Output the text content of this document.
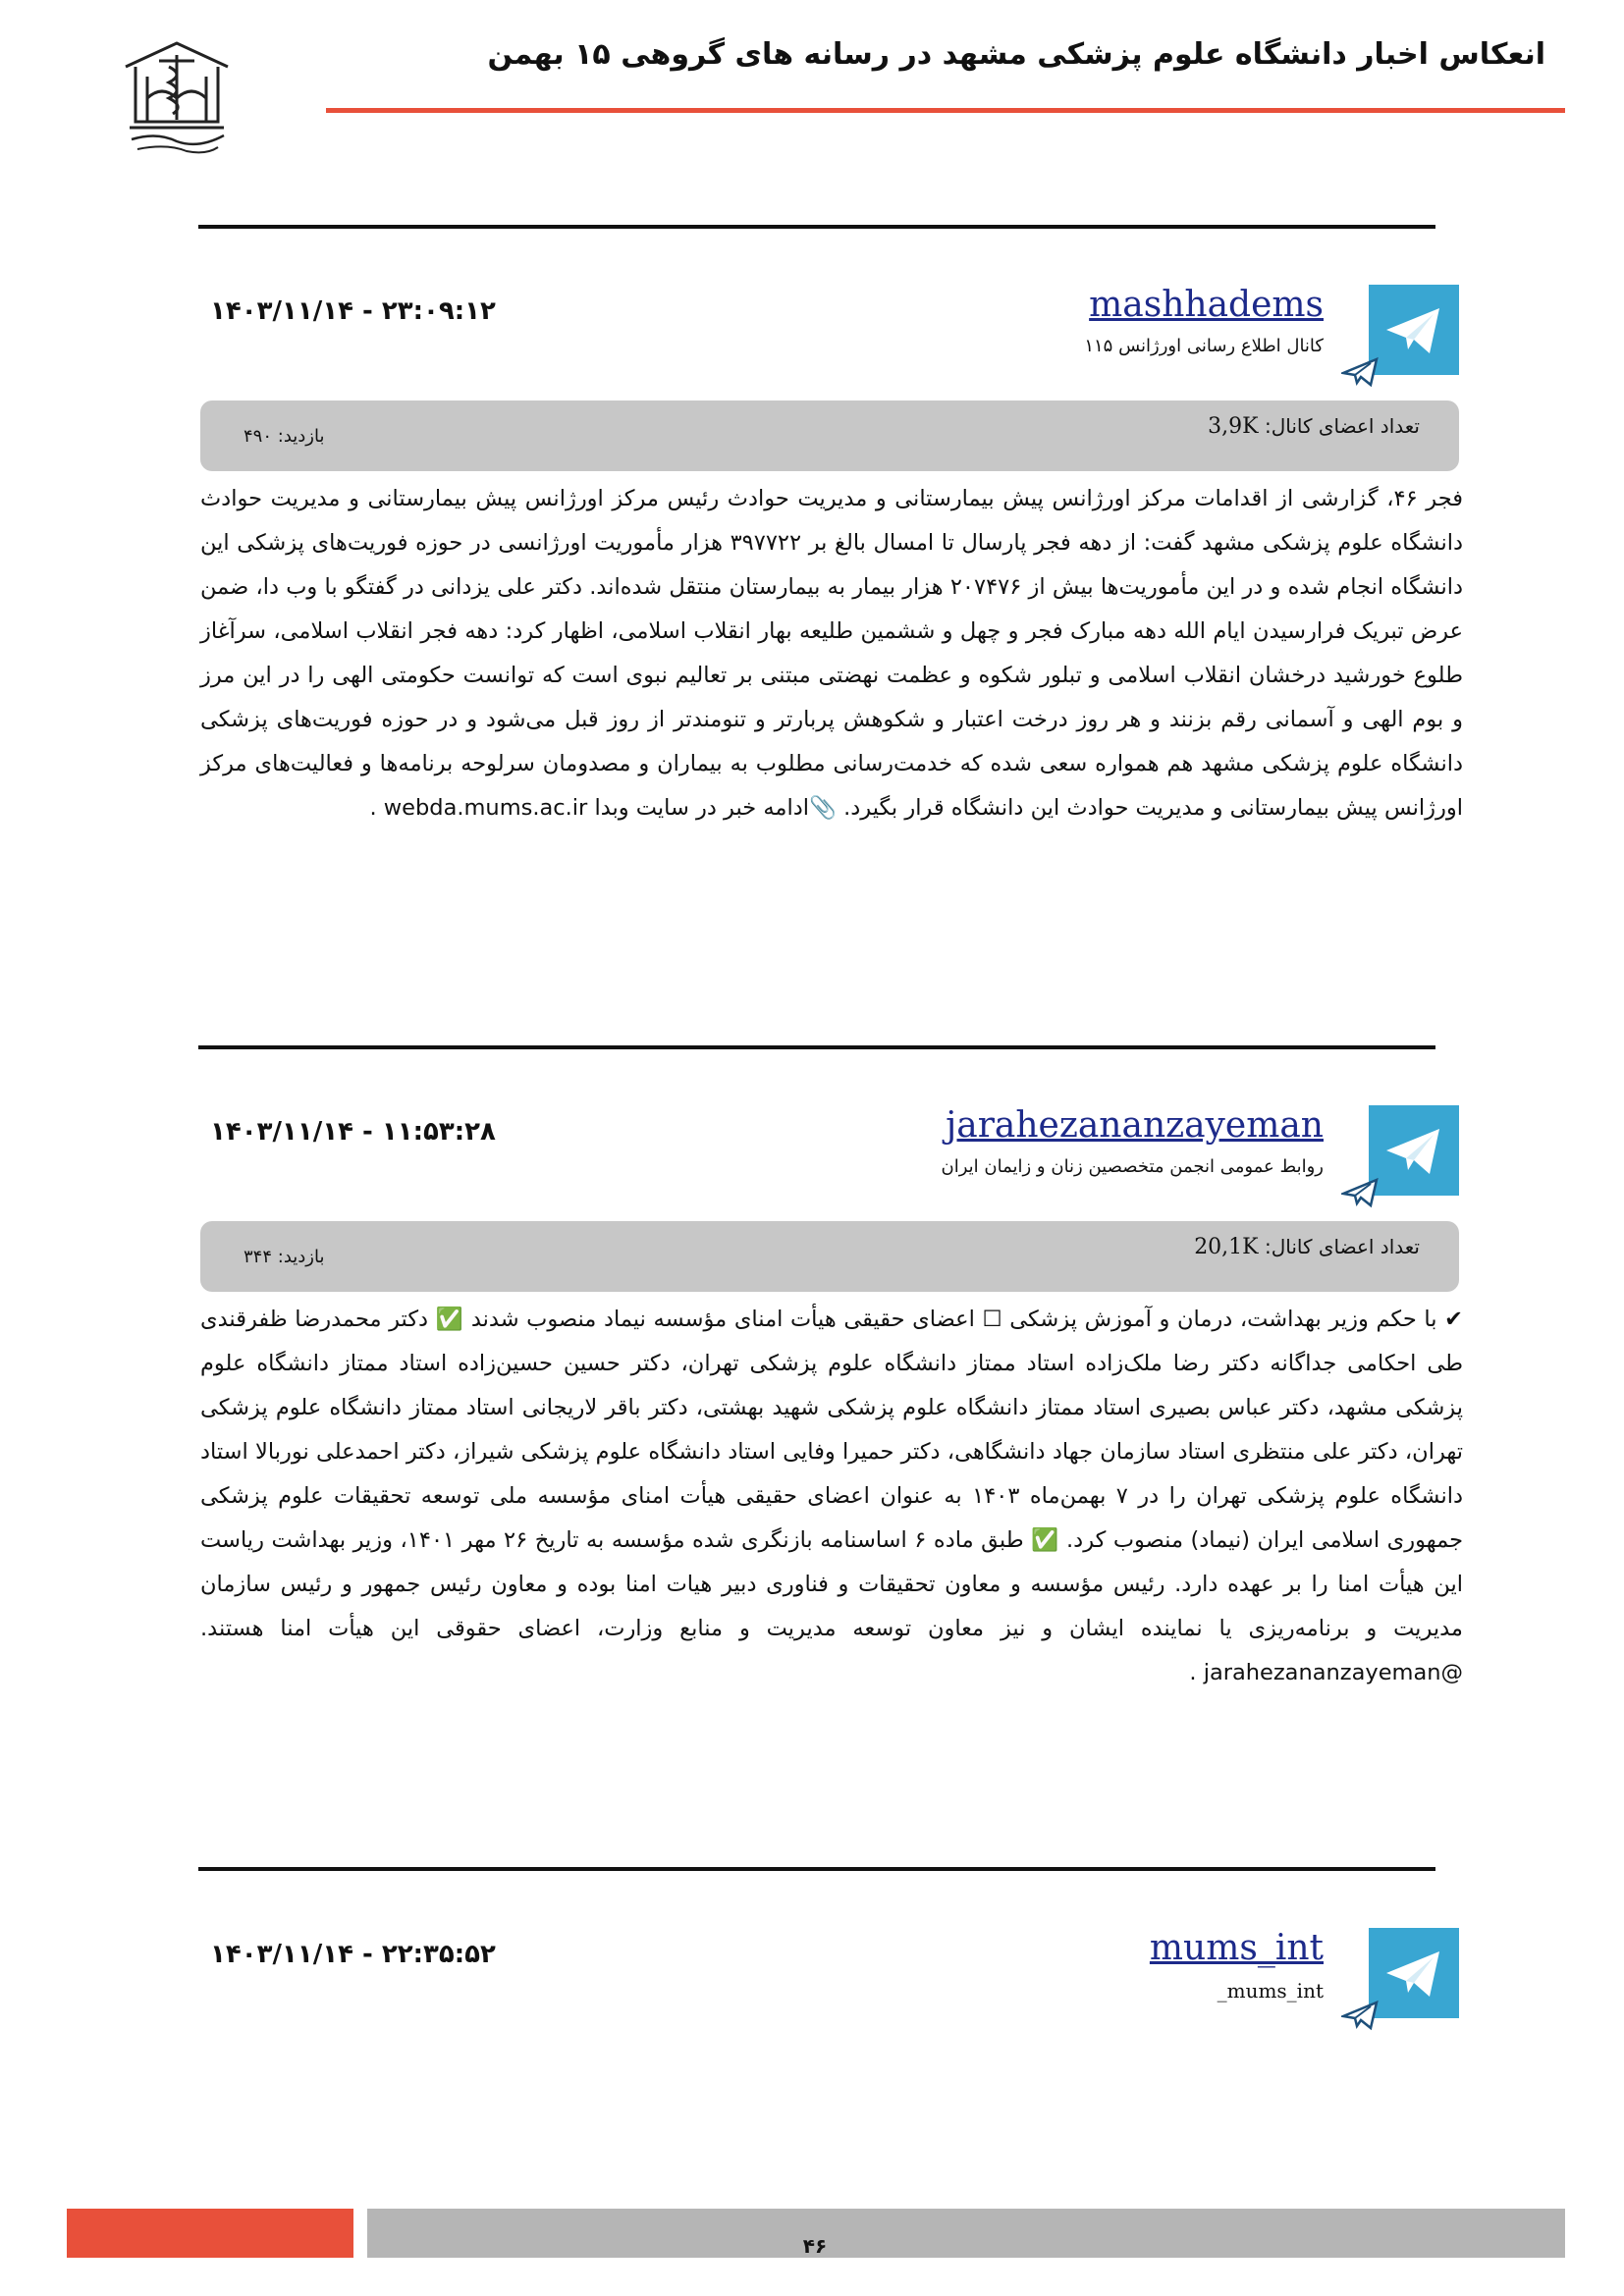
انعکاس اخبار دانشگاه علوم پزشکی مشهد در رسانه های گروهی ۱۵ بهمن
mashhadems
کانال اطلاع رسانی اورژانس ۱۱۵
۱۴۰۳/۱۱/۱۴ - ۲۳:۰۹:۱۲
تعداد اعضای کانال: 3,9K
بازدید: ۴۹۰
فجر ۴۶، گزارشی از اقدامات مرکز اورژانس پیش بیمارستانی و مدیریت حوادث رئیس مرکز اورژانس پیش بیمارستانی و مدیریت حوادث دانشگاه علوم پزشکی مشهد گفت: از دهه فجر پارسال تا امسال بالغ بر ۳۹۷۷۲۲ هزار مأموریت اورژانسی در حوزه فوریت‌های پزشکی این دانشگاه انجام شده و در این مأموریت‌ها بیش از ۲۰۷۴۷۶ هزار بیمار به بیمارستان منتقل شده‌اند. دکتر علی یزدانی در گفتگو با وب دا، ضمن عرض تبریک فرارسیدن ایام الله دهه مبارک فجر و چهل و ششمین طلیعه بهار انقلاب اسلامی، اظهار کرد: دهه فجر انقلاب اسلامی، سرآغاز طلوع خورشید درخشان انقلاب اسلامی و تبلور شکوه و عظمت نهضتی مبتنی بر تعالیم نبوی است که توانست حکومتی الهی را در این مرز و بوم الهی و آسمانی رقم بزنند و هر روز درخت اعتبار و شکوهش پربارتر و تنومندتر از روز قبل می‌شود و در حوزه فوریت‌های پزشکی دانشگاه علوم پزشکی مشهد هم همواره سعی شده که خدمت‌رسانی مطلوب به بیماران و مصدومان سرلوحه برنامه‌ها و فعالیت‌های مرکز اورژانس پیش بیمارستانی و مدیریت حوادث این دانشگاه قرار بگیرد. 📎ادامه خبر در سایت وبدا webda.mums.ac.ir .
jarahezananzayeman
روابط عمومی انجمن متخصصین زنان و زایمان ایران
۱۴۰۳/۱۱/۱۴ - ۱۱:۵۳:۲۸
تعداد اعضای کانال: 20,1K
بازدید: ۳۴۴
✔ با حکم وزیر بهداشت، درمان و آموزش پزشکی ☐ اعضای حقیقی هیأت امنای مؤسسه نیماد منصوب شدند ✅ دکتر محمدرضا ظفرقندی طی احکامی جداگانه دکتر رضا ملک‌زاده استاد ممتاز دانشگاه علوم پزشکی تهران، دکتر حسین حسین‌زاده استاد ممتاز دانشگاه علوم پزشکی مشهد، دکتر عباس بصیری استاد ممتاز دانشگاه علوم پزشکی شهید بهشتی، دکتر باقر لاریجانی استاد ممتاز دانشگاه علوم پزشکی تهران، دکتر علی منتظری استاد سازمان جهاد دانشگاهی، دکتر حمیرا وفایی استاد دانشگاه علوم پزشکی شیراز، دکتر احمدعلی نوربالا استاد دانشگاه علوم پزشکی تهران را در ۷ بهمن‌ماه ۱۴۰۳ به عنوان اعضای حقیقی هیأت امنای مؤسسه ملی توسعه تحقیقات علوم پزشکی جمهوری اسلامی ایران (نیماد) منصوب کرد. ✅ طبق ماده ۶ اساسنامه بازنگری شده مؤسسه به تاریخ ۲۶ مهر ۱۴۰۱، وزیر بهداشت ریاست این هیأت امنا را بر عهده دارد. رئیس مؤسسه و معاون تحقیقات و فناوری دبیر هیات امنا بوده و معاون رئیس جمهور و رئیس سازمان مدیریت و برنامه‌ریزی یا نماینده ایشان و نیز معاون توسعه مدیریت و منابع وزارت، اعضای حقوقی این هیأت امنا هستند. @jarahezananzayeman .
mums_int
_mums_int
۱۴۰۳/۱۱/۱۴ - ۲۲:۳۵:۵۲
۴۶
